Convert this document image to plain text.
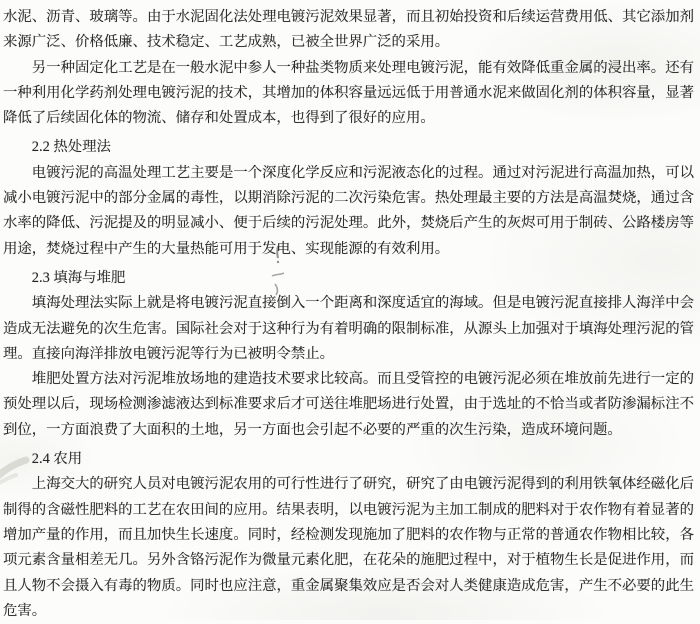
水泥、沥青、玻璃等。由于水泥固化法处理电镀污泥效果显著，而且初始投资和后续运营费用低、其它添加剂来源广泛、价格低廉、技术稳定、工艺成熟，已被全世界广泛的采用。

另一种固定化工艺是在一般水泥中参人一种盐类物质来处理电镀污泥，能有效降低重金属的浸出率。还有一种利用化学药剂处理电镀污泥的技术，其增加的体积容量远远低于用普通水泥来做固化剂的体积容量，显著降低了后续固化体的物流、储存和处置成本，也得到了很好的应用。

2.2 热处理法

电镀污泥的高温处理工艺主要是一个深度化学反应和污泥液态化的过程。通过对污泥进行高温加热，可以减小电镀污泥中的部分金属的毒性，以期消除污泥的二次污染危害。热处理最主要的方法是高温焚烧，通过含水率的降低、污泥提及的明显减小、便于后续的污泥处理。此外，焚烧后产生的灰烬可用于制砖、公路楼房等用途，焚烧过程中产生的大量热能可用于发电、实现能源的有效利用。

2.3 填海与堆肥

填海处理法实际上就是将电镀污泥直接倒入一个距离和深度适宜的海域。但是电镀污泥直接排人海洋中会造成无法避免的次生危害。国际社会对于这种行为有着明确的限制标准，从源头上加强对于填海处理污泥的管理。直接向海洋排放电镀污泥等行为已被明令禁止。

堆肥处置方法对污泥堆放场地的建造技术要求比较高。而且受管控的电镀污泥必须在堆放前先进行一定的预处理以后，现场检测渗滤液达到标准要求后才可送往堆肥场进行处置，由于选址的不恰当或者防渗漏标注不到位，一方面浪费了大面积的土地，另一方面也会引起不必要的严重的次生污染，造成环境问题。

2.4 农用

上海交大的研究人员对电镀污泥农用的可行性进行了研究，研究了由电镀污泥得到的利用铁氧体经磁化后制得的含磁性肥料的工艺在农田间的应用。结果表明，以电镀污泥为主加工制成的肥料对于农作物有着显著的增加产量的作用，而且加快生长速度。同时，经检测发现施加了肥料的农作物与正常的普通农作物相比较，各项元素含量相差无几。另外含铬污泥作为微量元素化肥，在花朵的施肥过程中，对于植物生长是促进作用，而且人物不会摄入有毒的物质。同时也应注意，重金属聚集效应是否会对人类健康造成危害，产生不必要的此生危害。
